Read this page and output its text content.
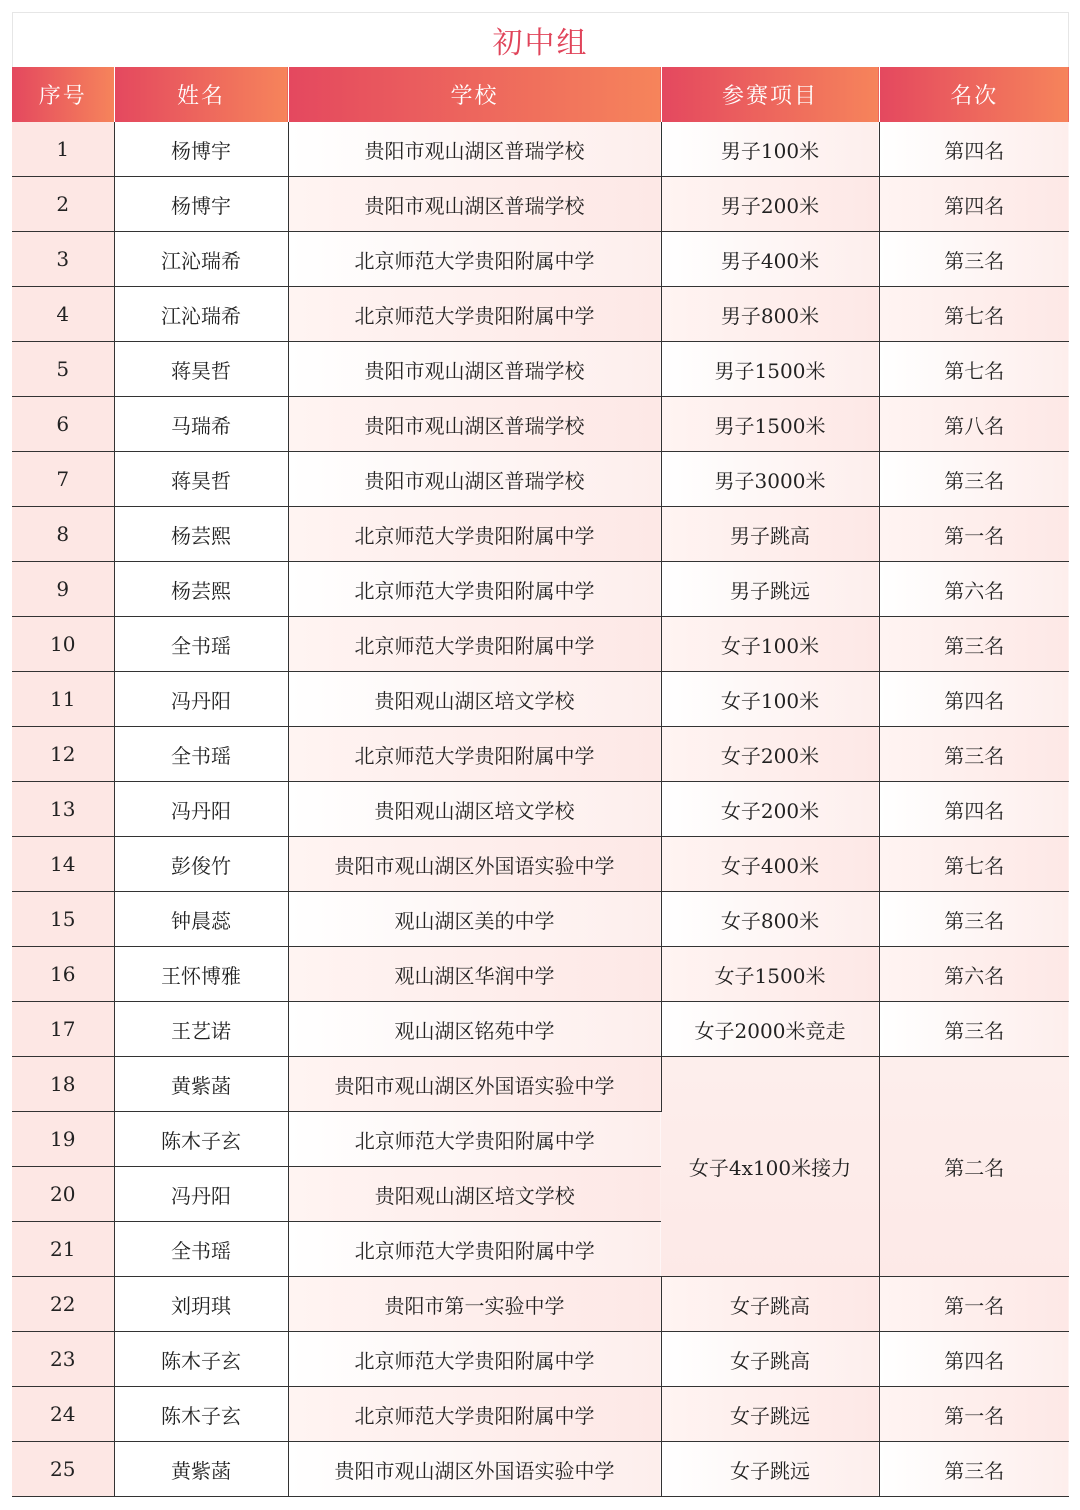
初中组
序号	姓名	学校	参赛项目	名次
1	杨博宇	贵阳市观山湖区普瑞学校	男子100米	第四名
2	杨博宇	贵阳市观山湖区普瑞学校	男子200米	第四名
3	江沁瑞希	北京师范大学贵阳附属中学	男子400米	第三名
4	江沁瑞希	北京师范大学贵阳附属中学	男子800米	第七名
5	蒋昊哲	贵阳市观山湖区普瑞学校	男子1500米	第七名
6	马瑞希	贵阳市观山湖区普瑞学校	男子1500米	第八名
7	蒋昊哲	贵阳市观山湖区普瑞学校	男子3000米	第三名
8	杨芸熙	北京师范大学贵阳附属中学	男子跳高	第一名
9	杨芸熙	北京师范大学贵阳附属中学	男子跳远	第六名
10	全书瑶	北京师范大学贵阳附属中学	女子100米	第三名
11	冯丹阳	贵阳观山湖区培文学校	女子100米	第四名
12	全书瑶	北京师范大学贵阳附属中学	女子200米	第三名
13	冯丹阳	贵阳观山湖区培文学校	女子200米	第四名
14	彭俊竹	贵阳市观山湖区外国语实验中学	女子400米	第七名
15	钟晨蕊	观山湖区美的中学	女子800米	第三名
16	王怀博雅	观山湖区华润中学	女子1500米	第六名
17	王艺诺	观山湖区铭苑中学	女子2000米竞走	第三名
18	黄紫菡	贵阳市观山湖区外国语实验中学	女子4x100米接力	第二名
19	陈木子玄	北京师范大学贵阳附属中学		
20	冯丹阳	贵阳观山湖区培文学校		
21	全书瑶	北京师范大学贵阳附属中学		
22	刘玥琪	贵阳市第一实验中学	女子跳高	第一名
23	陈木子玄	北京师范大学贵阳附属中学	女子跳高	第四名
24	陈木子玄	北京师范大学贵阳附属中学	女子跳远	第一名
25	黄紫菡	贵阳市观山湖区外国语实验中学	女子跳远	第三名
